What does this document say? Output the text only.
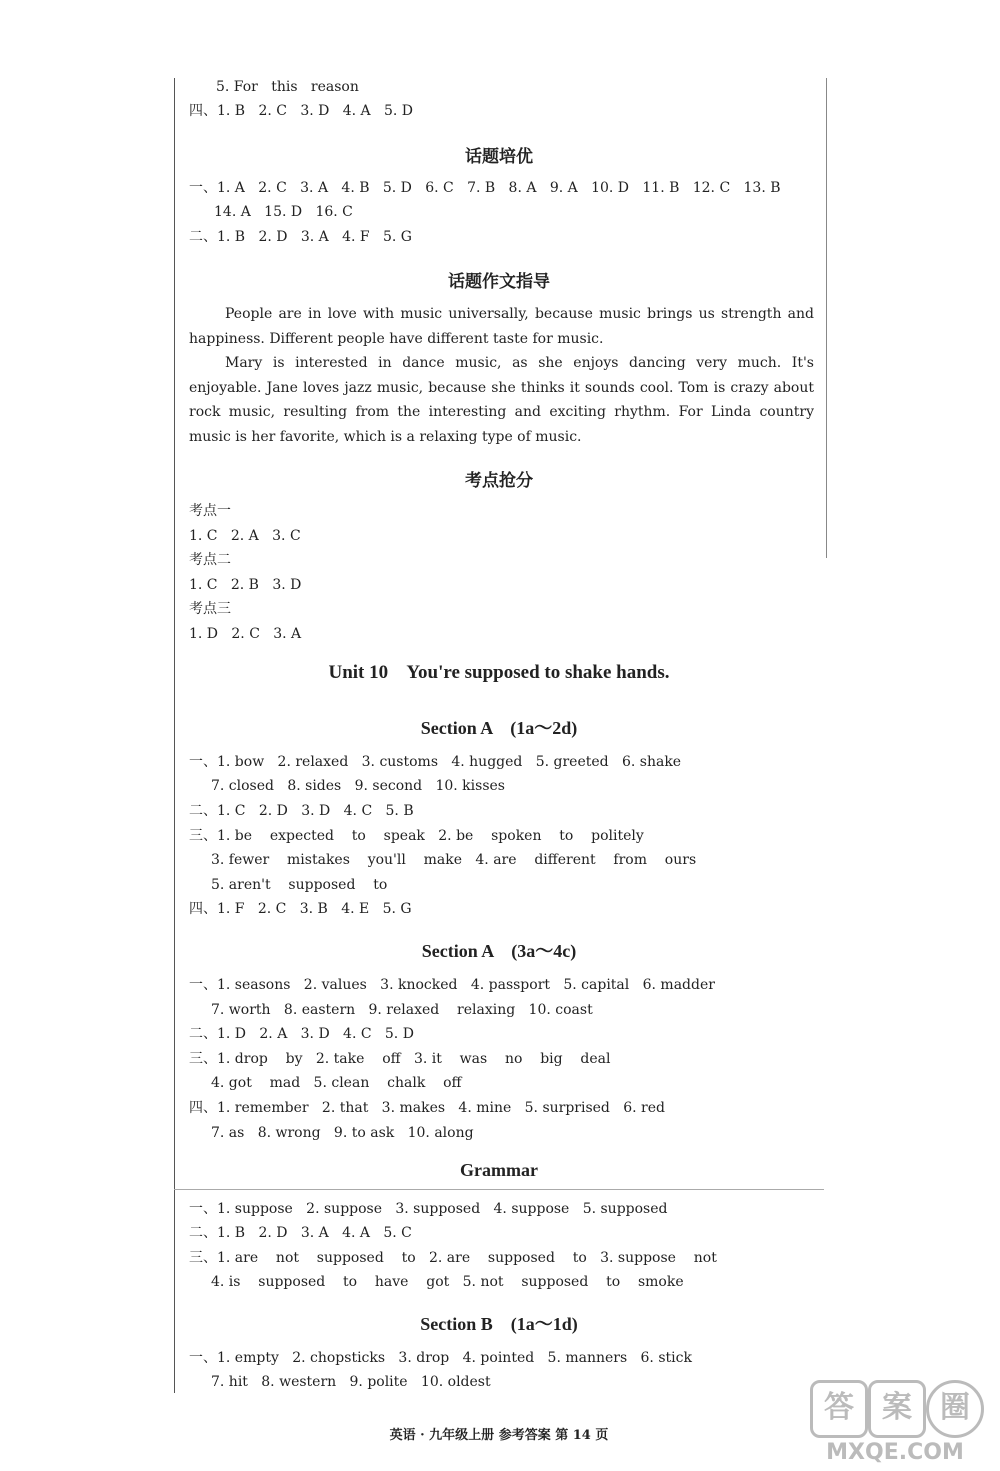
5. For   this   reason
四、1. B   2. C   3. D   4. A   5. D
话题培优
一、1. A   2. C   3. A   4. B   5. D   6. C   7. B   8. A   9. A   10. D   11. B   12. C   13. B
14. A   15. D   16. C
二、1. B   2. D   3. A   4. F   5. G
话题作文指导
People are in love with music universally, because music brings us strength and happiness. Different people have different taste for music.
Mary is interested in dance music, as she enjoys dancing very much. It's enjoyable. Jane loves jazz music, because she thinks it sounds cool. Tom is crazy about rock music, resulting from the interesting and exciting rhythm. For Linda country music is her favorite, which is a relaxing type of music.
考点抢分
考点一
1. C   2. A   3. C
考点二
1. C   2. B   3. D
考点三
1. D   2. C   3. A
Unit 10    You're supposed to shake hands.
Section A    (1a～2d)
一、1. bow   2. relaxed   3. customs   4. hugged   5. greeted   6. shake
7. closed   8. sides   9. second   10. kisses
二、1. C   2. D   3. D   4. C   5. B
三、1. be    expected    to    speak   2. be    spoken    to    politely
3. fewer    mistakes    you'll    make   4. are    different    from    ours
5. aren't    supposed    to
四、1. F   2. C   3. B   4. E   5. G
Section A    (3a～4c)
一、1. seasons   2. values   3. knocked   4. passport   5. capital   6. madder
7. worth   8. eastern   9. relaxed    relaxing   10. coast
二、1. D   2. A   3. D   4. C   5. D
三、1. drop    by   2. take    off   3. it    was    no    big    deal
4. got    mad   5. clean    chalk    off
四、1. remember   2. that   3. makes   4. mine   5. surprised   6. red
7. as   8. wrong   9. to ask   10. along
Grammar
一、1. suppose   2. suppose   3. supposed   4. suppose   5. supposed
二、1. B   2. D   3. A   4. A   5. C
三、1. are    not    supposed    to   2. are    supposed    to   3. suppose    not
4. is    supposed    to    have    got   5. not    supposed    to    smoke
Section B    (1a～1d)
一、1. empty   2. chopsticks   3. drop   4. pointed   5. manners   6. stick
7. hit   8. western   9. polite   10. oldest
英语 · 九年级上册 参考答案 第 14 页
答 案 圈
MXQE.COM
